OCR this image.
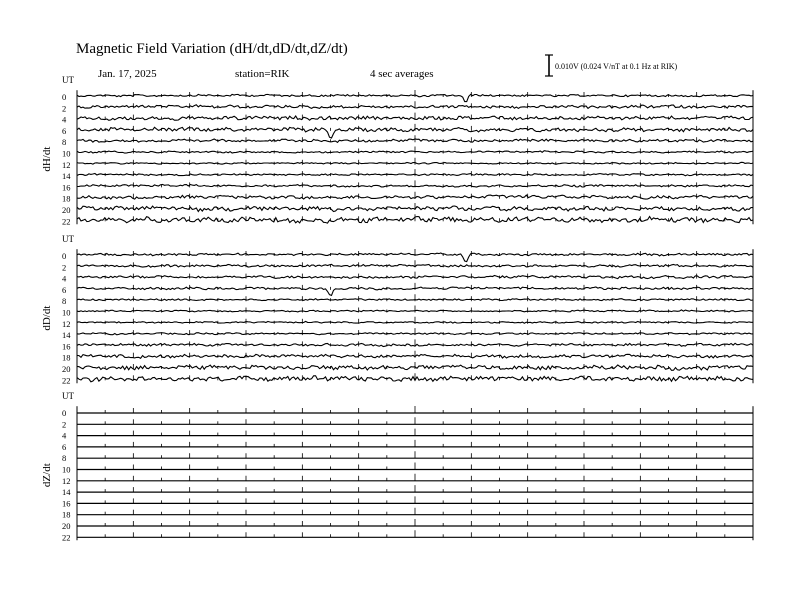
Magnetic Field Variation (dH/dt,dD/dt,dZ/dt)
Jan. 17, 2025	station=RIK	4 sec averages
0.010V (0.024 V/nT at 0.1 Hz at RIK)
UT
dH/dt
0
2
4
6
8
10
12
14
16
18
20
22
UT
dD/dt
0
2
4
6
8
10
12
14
16
18
20
22
UT
dZ/dt
0
2
4
6
8
10
12
14
16
18
20
22
